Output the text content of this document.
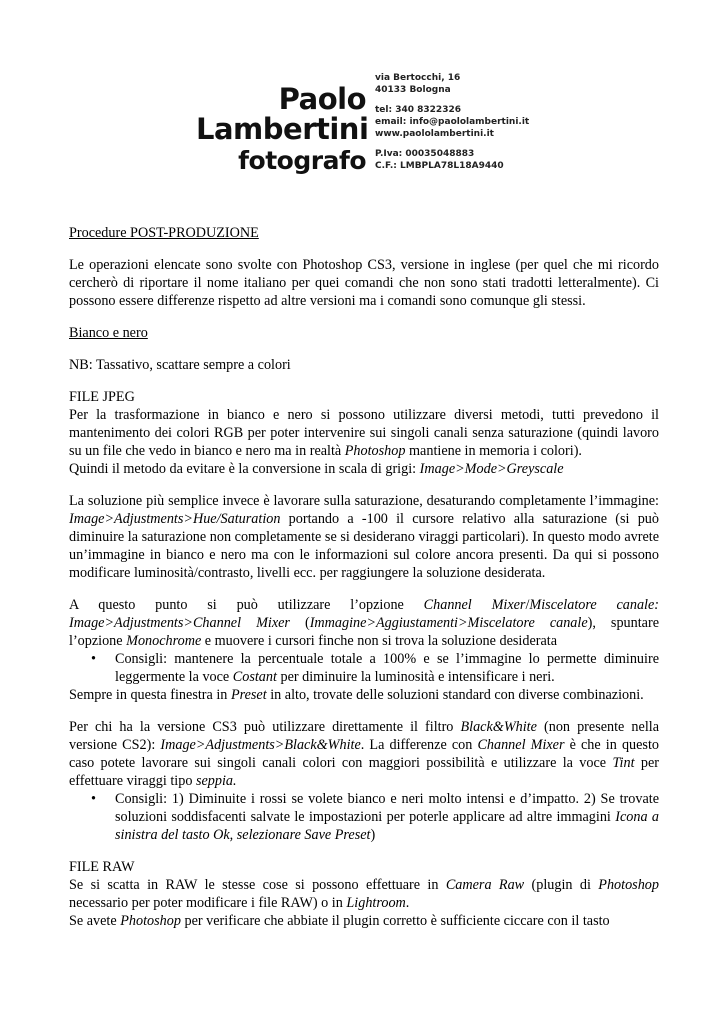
Paolo
Lambertini
fotografo
via Bertocchi, 16
40133 Bologna
tel: 340 8322326
email: info@paololambertini.it
www.paololambertini.it
P.Iva: 00035048883
C.F.: LMBPLA78L18A9440

Procedure POST-PRODUZIONE

Le operazioni elencate sono svolte con Photoshop CS3, versione in inglese (per quel che mi ricordo cercherò di riportare il nome italiano per quei comandi che non sono stati tradotti letteralmente). Ci possono essere differenze rispetto ad altre versioni ma i comandi sono comunque gli stessi.

Bianco e nero

NB: Tassativo, scattare sempre a colori

FILE JPEG
Per la trasformazione in bianco e nero si possono utilizzare diversi metodi, tutti prevedono il mantenimento dei colori RGB per poter intervenire sui singoli canali senza saturazione (quindi lavoro su un file che vedo in bianco e nero ma in realtà Photoshop mantiene in memoria i colori).
Quindi il metodo da evitare è la conversione in scala di grigi: Image>Mode>Greyscale

La soluzione più semplice invece è lavorare sulla saturazione, desaturando completamente l’immagine: Image>Adjustments>Hue/Saturation portando a -100 il cursore relativo alla saturazione (si può diminuire la saturazione non completamente se si desiderano viraggi particolari). In questo modo avrete un’immagine in bianco e nero ma con le informazioni sul colore ancora presenti. Da qui si possono modificare luminosità/contrasto, livelli ecc. per raggiungere la soluzione desiderata.

A questo punto si può utilizzare l’opzione Channel Mixer/Miscelatore canale: Image>Adjustments>Channel Mixer (Immagine>Aggiustamenti>Miscelatore canale), spuntare l’opzione Monochrome e muovere i cursori finche non si trova la soluzione desiderata

• Consigli: mantenere la percentuale totale a 100% e se l’immagine lo permette diminuire leggermente la voce Costant per diminuire la luminosità e intensificare i neri.

Sempre in questa finestra in Preset in alto, trovate delle soluzioni standard con diverse combinazioni.

Per chi ha la versione CS3 può utilizzare direttamente il filtro Black&White (non presente nella versione CS2): Image>Adjustments>Black&White. La differenze con Channel Mixer è che in questo caso potete lavorare sui singoli canali colori con maggiori possibilità e utilizzare la voce Tint per effettuare viraggi tipo seppia.

• Consigli: 1) Diminuite i rossi se volete bianco e neri molto intensi e d’impatto. 2) Se trovate soluzioni soddisfacenti salvate le impostazioni per poterle applicare ad altre immagini Icona a sinistra del tasto Ok, selezionare Save Preset)

FILE RAW
Se si scatta in RAW le stesse cose si possono effettuare in Camera Raw (plugin di Photoshop necessario per poter modificare i file RAW) o in Lightroom.
Se avete Photoshop per verificare che abbiate il plugin corretto è sufficiente ciccare con il tasto
